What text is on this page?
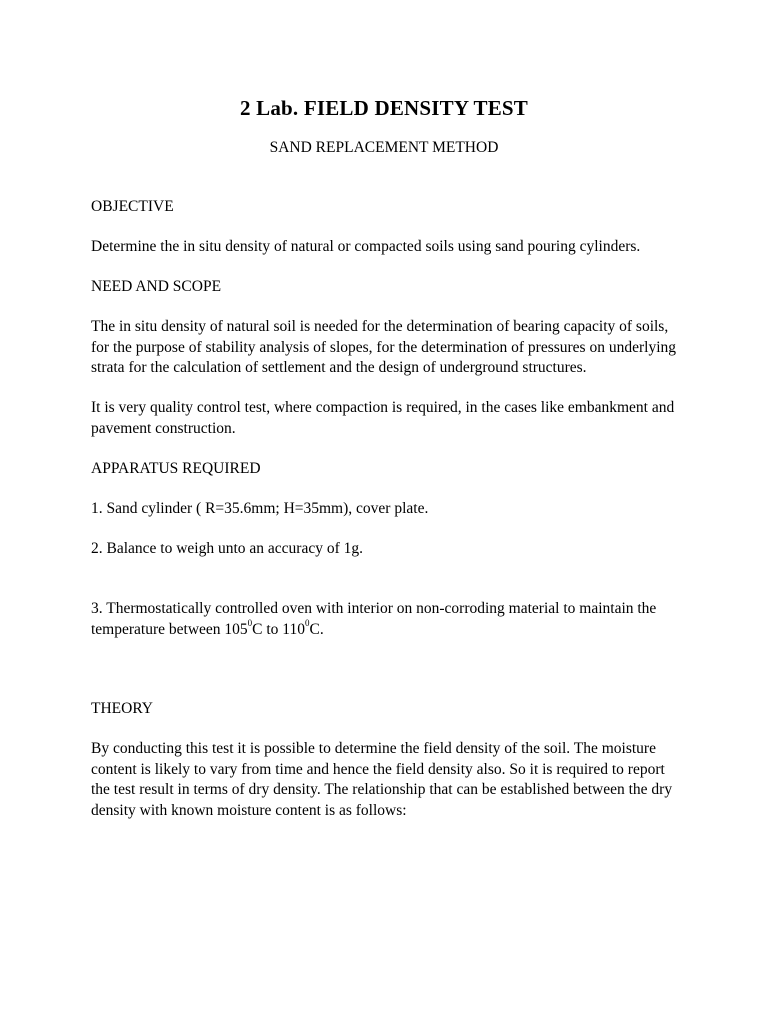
2 Lab. FIELD DENSITY TEST
SAND REPLACEMENT METHOD

OBJECTIVE

Determine the in situ density of natural or compacted soils using sand pouring cylinders.

NEED AND SCOPE

The in situ density of natural soil is needed for the determination of bearing capacity of soils, for the purpose of stability analysis of slopes, for the determination of pressures on underlying strata for the calculation of settlement and the design of underground structures.

It is very quality control test, where compaction is required, in the cases like embankment and pavement construction.

APPARATUS REQUIRED

1. Sand cylinder ( R=35.6mm; H=35mm), cover plate.

2. Balance to weigh unto an accuracy of 1g.

3. Thermostatically controlled oven with interior on non-corroding material to maintain the temperature between $105^0C$ to $110^0C$.

THEORY

By conducting this test it is possible to determine the field density of the soil. The moisture content is likely to vary from time and hence the field density also. So it is required to report the test result in terms of dry density. The relationship that can be established between the dry density with known moisture content is as follows:
